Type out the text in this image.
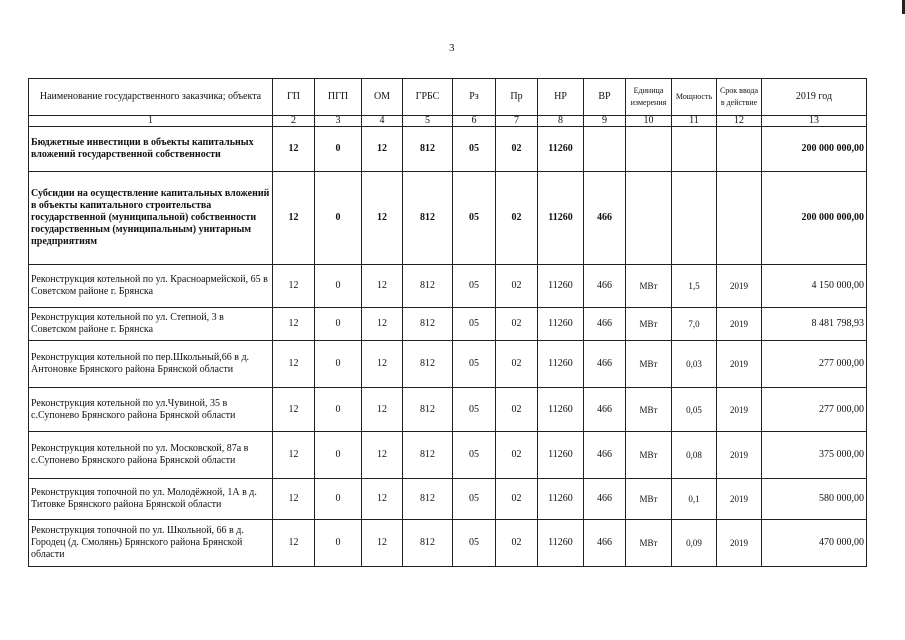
3
Наименование государственного заказчика; объекта	ГП	ПГП	ОМ	ГРБС	Рз	Пр	НР	ВР	Единица измерения	Мощность	Срок ввода в действие	2019 год
1	2	3	4	5	6	7	8	9	10	11	12	13
Бюджетные инвестиции в объекты капитальных вложений государственной собственности	12	0	12	812	05	02	11260					200 000 000,00
Субсидии на осуществление капитальных вложений в объекты капитального строительства государственной (муниципальной) собственности государственным (муниципальным) унитарным предприятиям	12	0	12	812	05	02	11260	466				200 000 000,00
Реконструкция котельной по ул. Красноармейской, 65 в Советском районе г. Брянска	12	0	12	812	05	02	11260	466	МВт	1,5	2019	4 150 000,00
Реконструкция котельной по ул. Степной, 3 в Советском районе г. Брянска	12	0	12	812	05	02	11260	466	МВт	7,0	2019	8 481 798,93
Реконструкция котельной по пер.Школьный,66 в д. Антоновке Брянского района Брянской области	12	0	12	812	05	02	11260	466	МВт	0,03	2019	277 000,00
Реконструкция котельной по ул.Чувиной, 35 в с.Супонево Брянского района Брянской области	12	0	12	812	05	02	11260	466	МВт	0,05	2019	277 000,00
Реконструкция котельной по ул. Московской, 87а в с.Супонево Брянского района Брянской области	12	0	12	812	05	02	11260	466	МВт	0,08	2019	375 000,00
Реконструкция топочной по ул. Молодёжной, 1А в д. Титовке Брянского района Брянской области	12	0	12	812	05	02	11260	466	МВт	0,1	2019	580 000,00
Реконструкция топочной по ул. Школьной, 66 в д. Городец (д. Смолянь) Брянского района Брянской области	12	0	12	812	05	02	11260	466	МВт	0,09	2019	470 000,00
